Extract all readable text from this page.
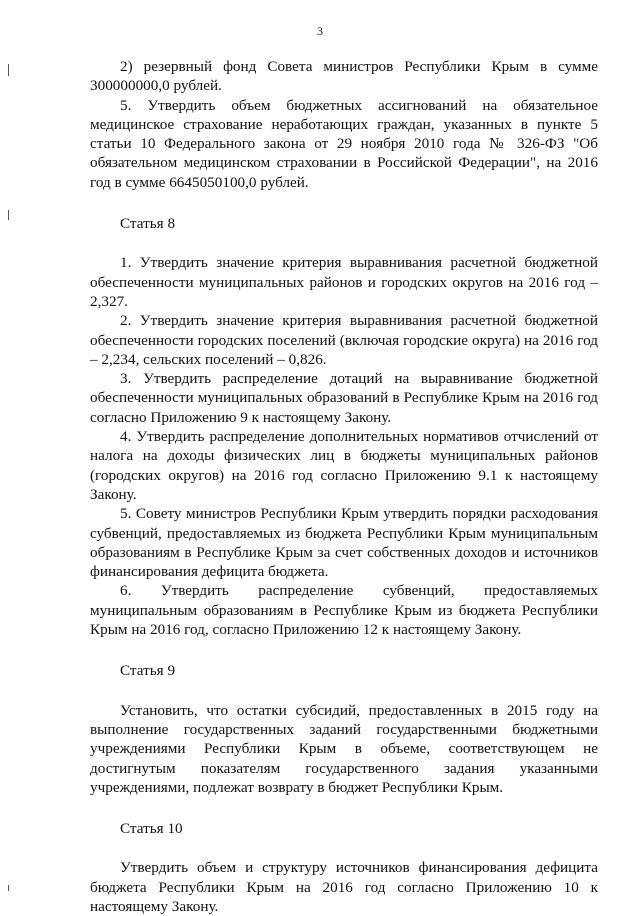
3

2) резервный фонд Совета министров Республики Крым в сумме 300000000,0 рублей.

5. Утвердить объем бюджетных ассигнований на обязательное медицинское страхование неработающих граждан, указанных в пункте 5 статьи 10 Федерального закона от 29 ноября 2010 года № 326-ФЗ "Об обязательном медицинском страховании в Российской Федерации", на 2016 год в сумме 6645050100,0 рублей.

Статья 8

1. Утвердить значение критерия выравнивания расчетной бюджетной обеспеченности муниципальных районов и городских округов на 2016 год – 2,327.

2. Утвердить значение критерия выравнивания расчетной бюджетной обеспеченности городских поселений (включая городские округа) на 2016 год – 2,234, сельских поселений – 0,826.

3. Утвердить распределение дотаций на выравнивание бюджетной обеспеченности муниципальных образований в Республике Крым на 2016 год согласно Приложению 9 к настоящему Закону.

4. Утвердить распределение дополнительных нормативов отчислений от налога на доходы физических лиц в бюджеты муниципальных районов (городских округов) на 2016 год согласно Приложению 9.1 к настоящему Закону.

5. Совету министров Республики Крым утвердить порядки расходования субвенций, предоставляемых из бюджета Республики Крым муниципальным образованиям в Республике Крым за счет собственных доходов и источников финансирования дефицита бюджета.

6. Утвердить распределение субвенций, предоставляемых муниципальным образованиям в Республике Крым из бюджета Республики Крым на 2016 год, согласно Приложению 12 к настоящему Закону.

Статья 9

Установить, что остатки субсидий, предоставленных в 2015 году на выполнение государственных заданий государственными бюджетными учреждениями Республики Крым в объеме, соответствующем не достигнутым показателям государственного задания указанными учреждениями, подлежат возврату в бюджет Республики Крым.

Статья 10

Утвердить объем и структуру источников финансирования дефицита бюджета Республики Крым на 2016 год согласно Приложению 10 к настоящему Закону.
